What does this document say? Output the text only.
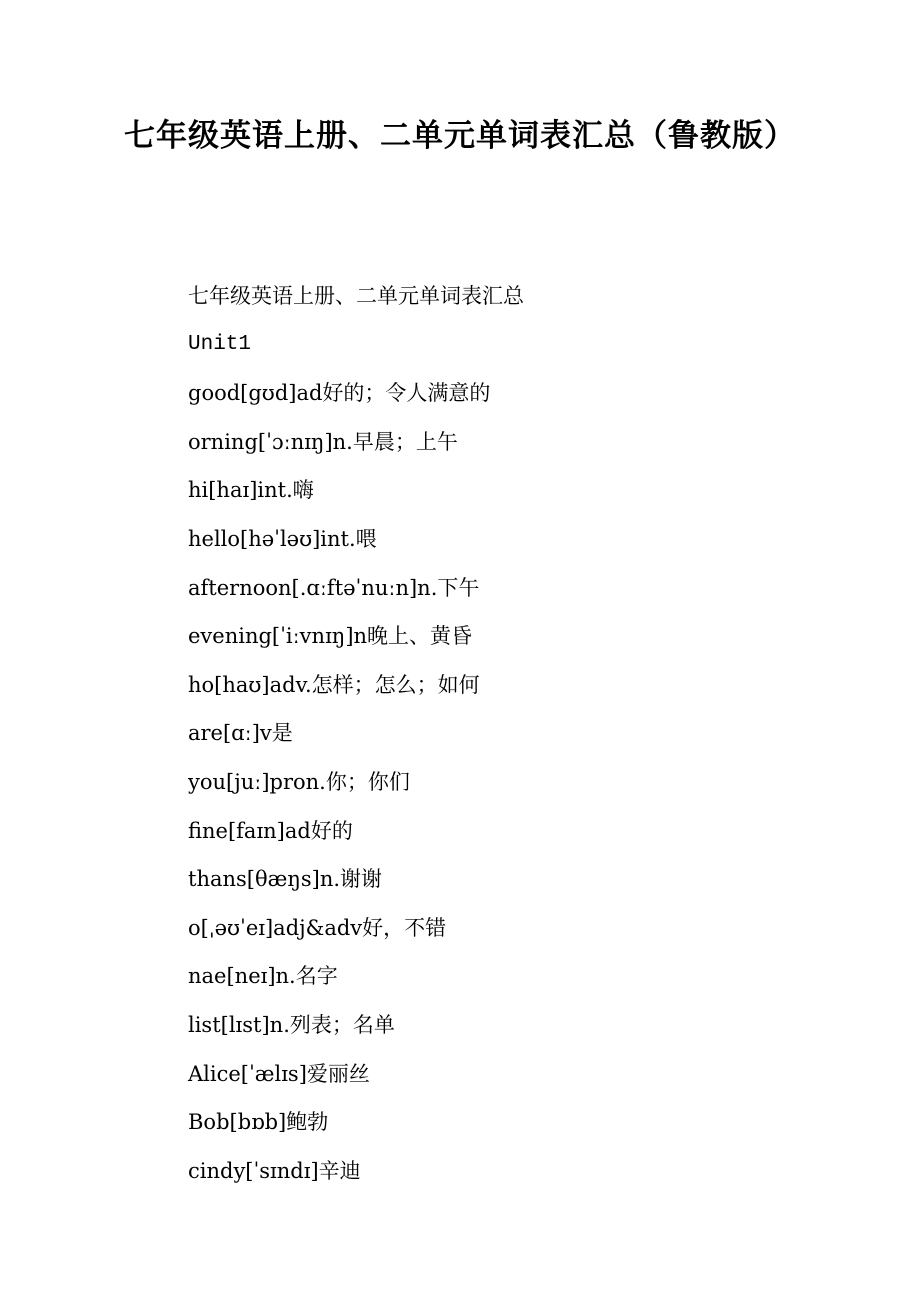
七年级英语上册、二单元单词表汇总（鲁教版）
七年级英语上册、二单元单词表汇总
Unit1
good[gʊd]ad好的；令人满意的
orning[ˈɔːnɪŋ]n.早晨；上午
hi[haɪ]int.嗨
hello[həˈləʊ]int.喂
afternoon[.ɑːftəˈnuːn]n.下午
evening[ˈiːvnɪŋ]n晚上、黄昏
ho[haʊ]adv.怎样；怎么；如何
are[ɑː]v是
you[juː]pron.你；你们
fine[faɪn]ad好的
thans[θæŋs]n.谢谢
o[ˌəʊˈeɪ]adj&adv好，不错
nae[neɪ]n.名字
list[lɪst]n.列表；名单
Alice[ˈælɪs]爱丽丝
Bob[bɒb]鲍勃
cindy[ˈsɪndɪ]辛迪
